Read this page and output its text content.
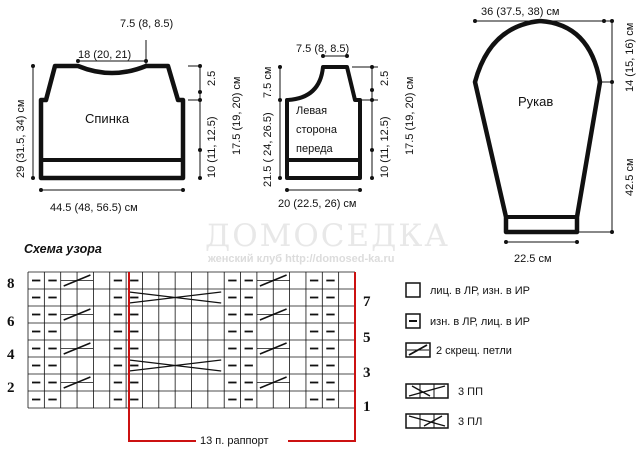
ДОМОСЕДКА
женский клуб http://domosed-ka.ru
Спинка
7.5 (8, 8.5)
18 (20, 21)
29 (31.5, 34) см
2.5 17.5 (19, 20) см
10 (11, 12.5)
44.5 (48, 56.5) см
Левая
сторона
переда
7.5 (8, 8.5)
7.5 см
21.5 ( 24, 26.5)
2.5 17.5 (19, 20) см
10 (11, 12.5)
20 (22.5, 26) см
Рукав
36 (37.5, 38) см
14 (15, 16) см
42.5 см
22.5 см
Схема узора
8
6
4
2
7
5
3
1
13 п. раппорт
лиц. в ЛР, изн. в ИР
изн. в ЛР, лиц. в ИР
2 скрещ. петли
3 ПП
3 ПЛ
